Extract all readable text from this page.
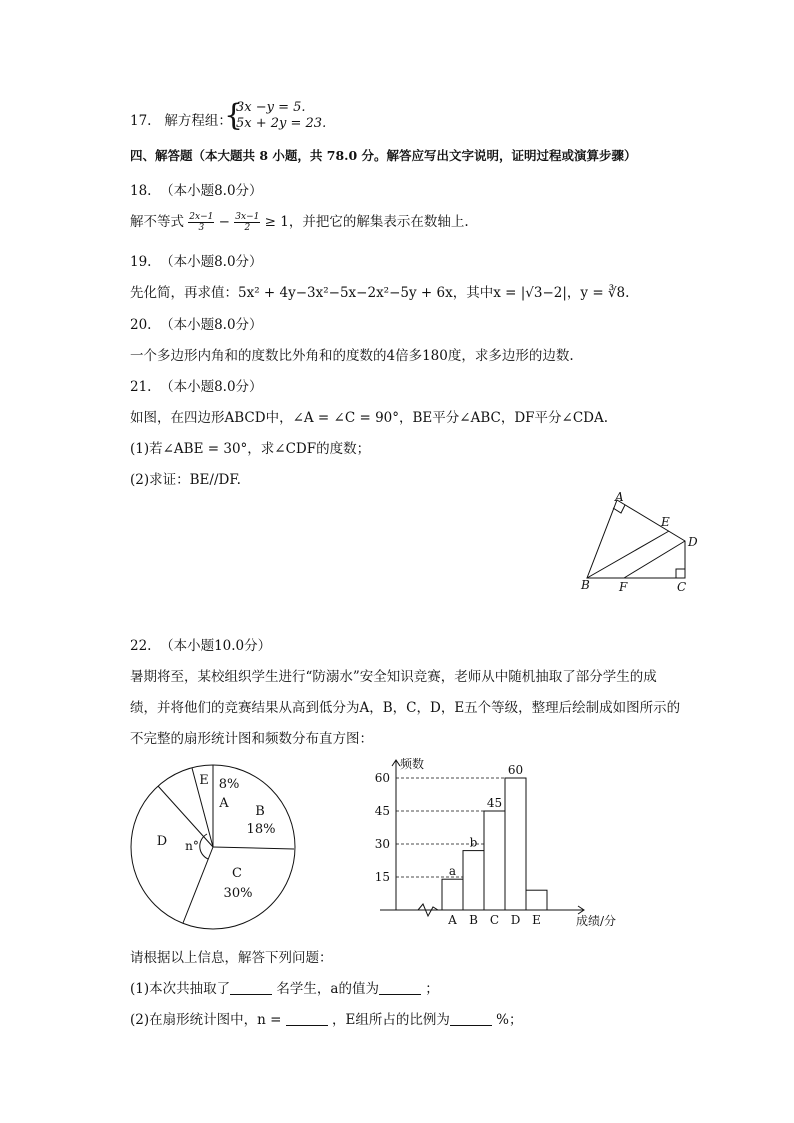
17. 解方程组：
{
3x −y = 5.
5x + 2y = 23.
四、解答题（本大题共 8 小题，共 78.0 分。解答应写出文字说明，证明过程或演算步骤）
18. （本小题8.0分）
解不等式 $\frac{2x-1}{3} - \frac{3x-1}{2} \ge 1$，并把它的解集表示在数轴上.
19. （本小题8.0分）
先化简，再求值：5x² + 4y−3x²−5x−2x²−5y + 6x，其中x = |√3−2|，y = ∛8.
20. （本小题8.0分）
一个多边形内角和的度数比外角和的度数的4倍多180度，求多边形的边数.
21. （本小题8.0分）
如图，在四边形ABCD中，∠A = ∠C = 90°，BE平分∠ABC，DF平分∠CDA.
(1)若∠ABE = 30°，求∠CDF的度数；
(2)求证：BE//DF.
A
E
D
B F	C
22. （本小题10.0分）
暑期将至，某校组织学生进行“防溺水”安全知识竞赛，老师从中随机抽取了部分学生的成
绩，并将他们的竞赛结果从高到低分为A，B，C，D，E五个等级，整理后绘制成如图所示的
不完整的扇形统计图和频数分布直方图：
E 8%
A
B
18%
D n°
C
30%
A
a
B
b
C
45
D
60
E
15
30
45
60
频数
成绩/分
请根据以上信息，解答下列问题：
(1)本次共抽取了	名学生，a的值为	；
(2)在扇形统计图中，n =	，E组所占的比例为	%；
